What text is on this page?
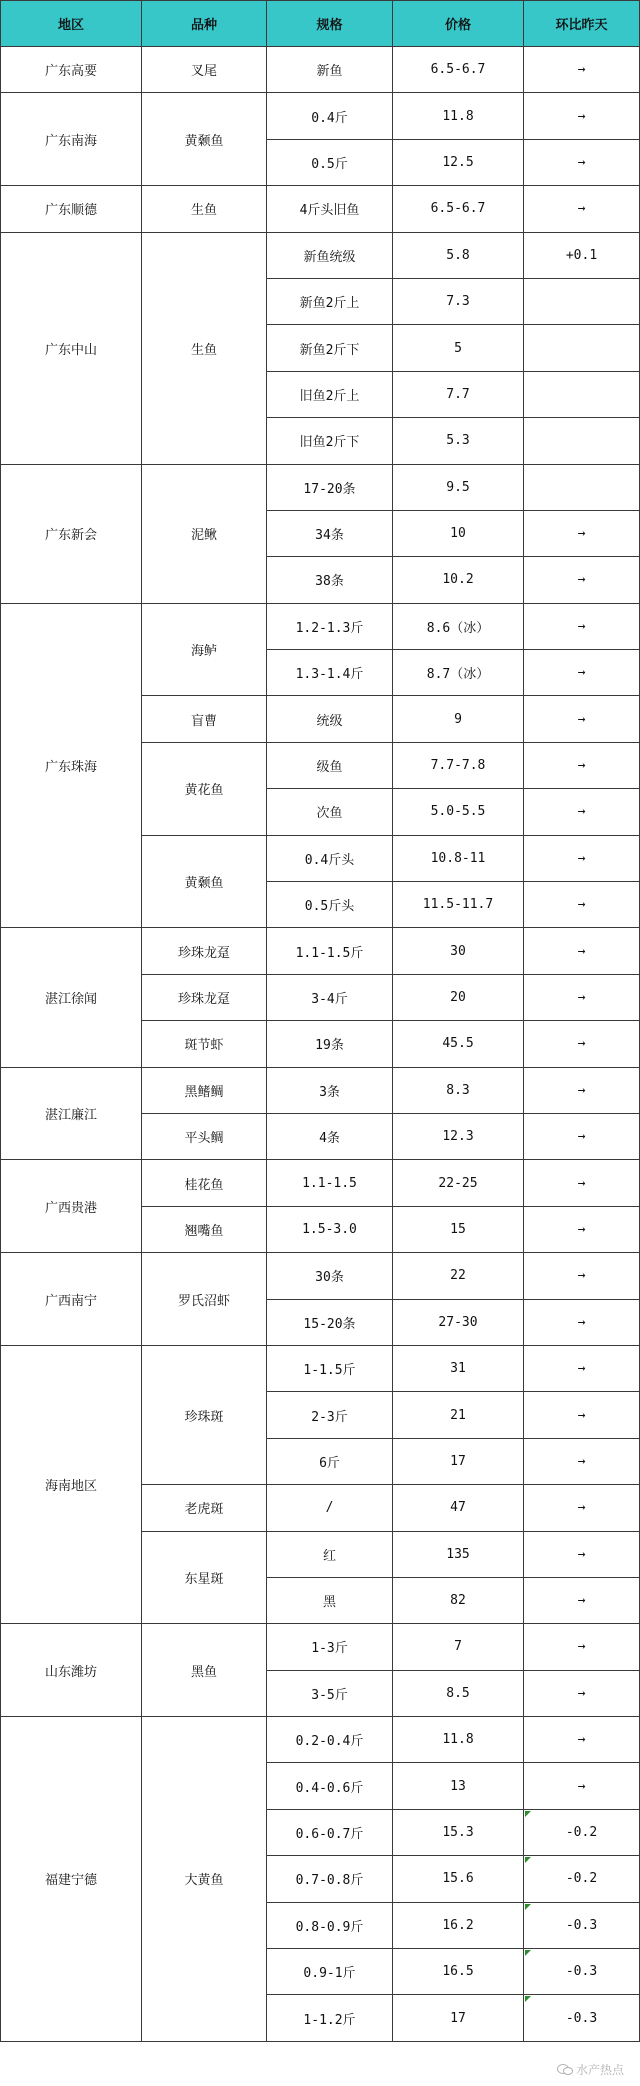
地区	品种	规格	价格	环比昨天
广东高要	叉尾	新鱼	6.5-6.7	→
广东南海	黄颡鱼	0.4斤	11.8	→
		0.5斤	12.5	→
广东顺德	生鱼	4斤头旧鱼	6.5-6.7	→
广东中山	生鱼	新鱼统级	5.8	+0.1
		新鱼2斤上	7.3	
		新鱼2斤下	5	
		旧鱼2斤上	7.7	
		旧鱼2斤下	5.3	
广东新会	泥鳅	17-20条	9.5	
		34条	10	→
		38条	10.2	→
广东珠海	海鲈	1.2-1.3斤	8.6（冰）	→
		1.3-1.4斤	8.7（冰）	→
	盲曹	统级	9	→
	黄花鱼	级鱼	7.7-7.8	→
		次鱼	5.0-5.5	→
	黄颡鱼	0.4斤头	10.8-11	→
		0.5斤头	11.5-11.7	→
湛江徐闻	珍珠龙趸	1.1-1.5斤	30	→
	珍珠龙趸	3-4斤	20	→
	斑节虾	19条	45.5	→
湛江廉江	黑鳍鲷	3条	8.3	→
	平头鲷	4条	12.3	→
广西贵港	桂花鱼	1.1-1.5	22-25	→
	翘嘴鱼	1.5-3.0	15	→
广西南宁	罗氏沼虾	30条	22	→
		15-20条	27-30	→
海南地区	珍珠斑	1-1.5斤	31	→
		2-3斤	21	→
		6斤	17	→
	老虎斑	/	47	→
	东星斑	红	135	→
		黑	82	→
山东潍坊	黑鱼	1-3斤	7	→
		3-5斤	8.5	→
福建宁德	大黄鱼	0.2-0.4斤	11.8	→
		0.4-0.6斤	13	→
		0.6-0.7斤	15.3	-0.2
		0.7-0.8斤	15.6	-0.2
		0.8-0.9斤	16.2	-0.3
		0.9-1斤	16.5	-0.3
		1-1.2斤	17	-0.3
水产热点
